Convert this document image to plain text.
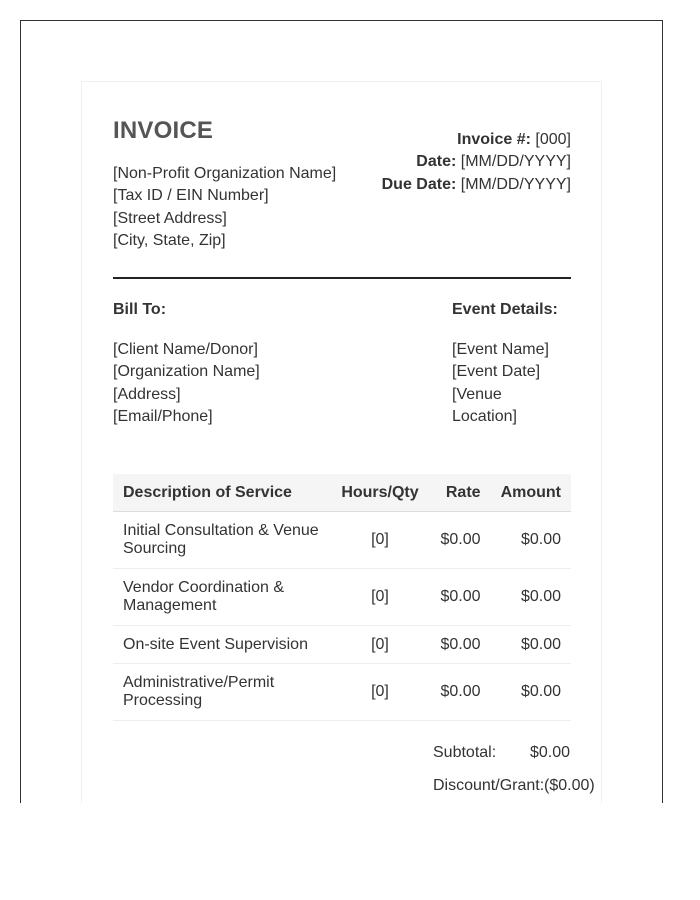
INVOICE
[Non-Profit Organization Name]
[Tax ID / EIN Number]
[Street Address]
[City, State, Zip]
Invoice #: [000]
Date: [MM/DD/YYYY]
Due Date: [MM/DD/YYYY]
Bill To:
[Client Name/Donor]
[Organization Name]
[Address]
[Email/Phone]
Event Details:
[Event Name]
[Event Date]
[Venue Location]
Description of Service	Hours/Qty	Rate	Amount
Initial Consultation & Venue Sourcing	[0]	$0.00	$0.00
Vendor Coordination & Management	[0]	$0.00	$0.00
On-site Event Supervision	[0]	$0.00	$0.00
Administrative/Permit Processing	[0]	$0.00	$0.00
Subtotal: $0.00
Discount/Grant: ($0.00)
